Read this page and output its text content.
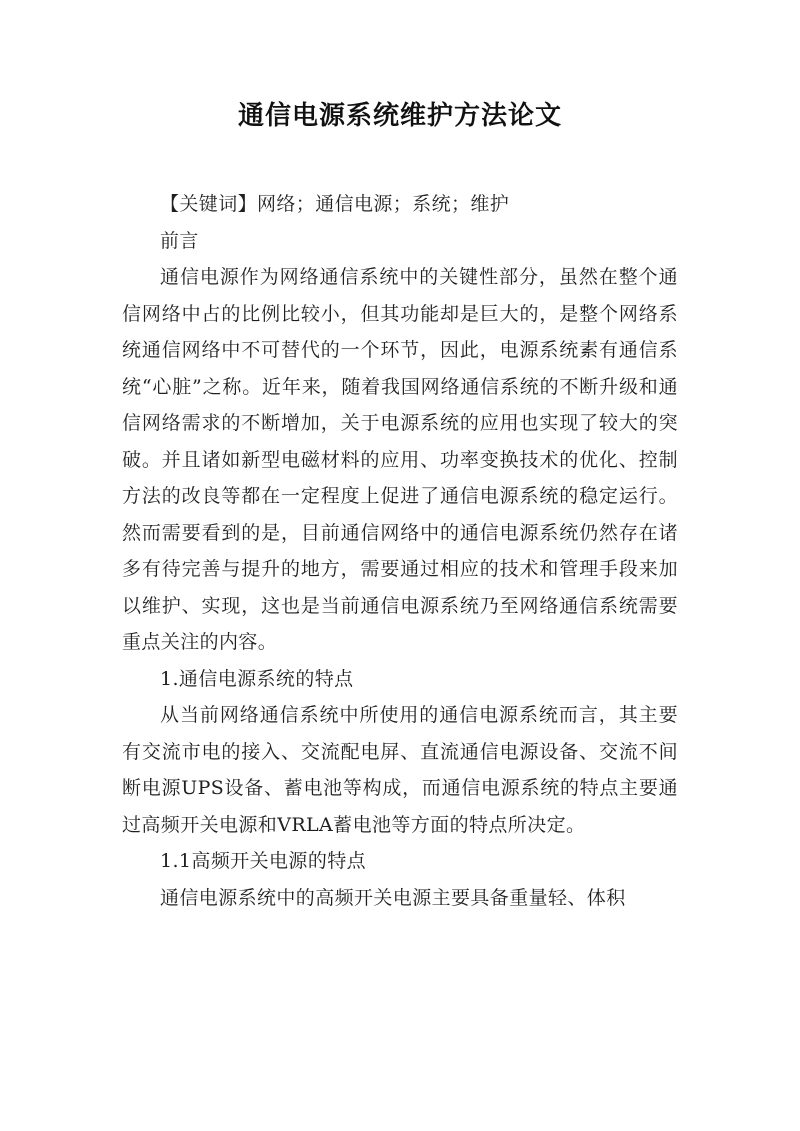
通信电源系统维护方法论文

【关键词】网络；通信电源；系统；维护

前言

通信电源作为网络通信系统中的关键性部分，虽然在整个通信网络中占的比例比较小，但其功能却是巨大的，是整个网络系统通信网络中不可替代的一个环节，因此，电源系统素有通信系统“心脏”之称。近年来，随着我国网络通信系统的不断升级和通信网络需求的不断增加，关于电源系统的应用也实现了较大的突破。并且诸如新型电磁材料的应用、功率变换技术的优化、控制方法的改良等都在一定程度上促进了通信电源系统的稳定运行。然而需要看到的是，目前通信网络中的通信电源系统仍然存在诸多有待完善与提升的地方，需要通过相应的技术和管理手段来加以维护、实现，这也是当前通信电源系统乃至网络通信系统需要重点关注的内容。

1.通信电源系统的特点

从当前网络通信系统中所使用的通信电源系统而言，其主要有交流市电的接入、交流配电屏、直流通信电源设备、交流不间断电源UPS设备、蓄电池等构成，而通信电源系统的特点主要通过高频开关电源和VRLA蓄电池等方面的特点所决定。

1.1高频开关电源的特点

通信电源系统中的高频开关电源主要具备重量轻、体积
